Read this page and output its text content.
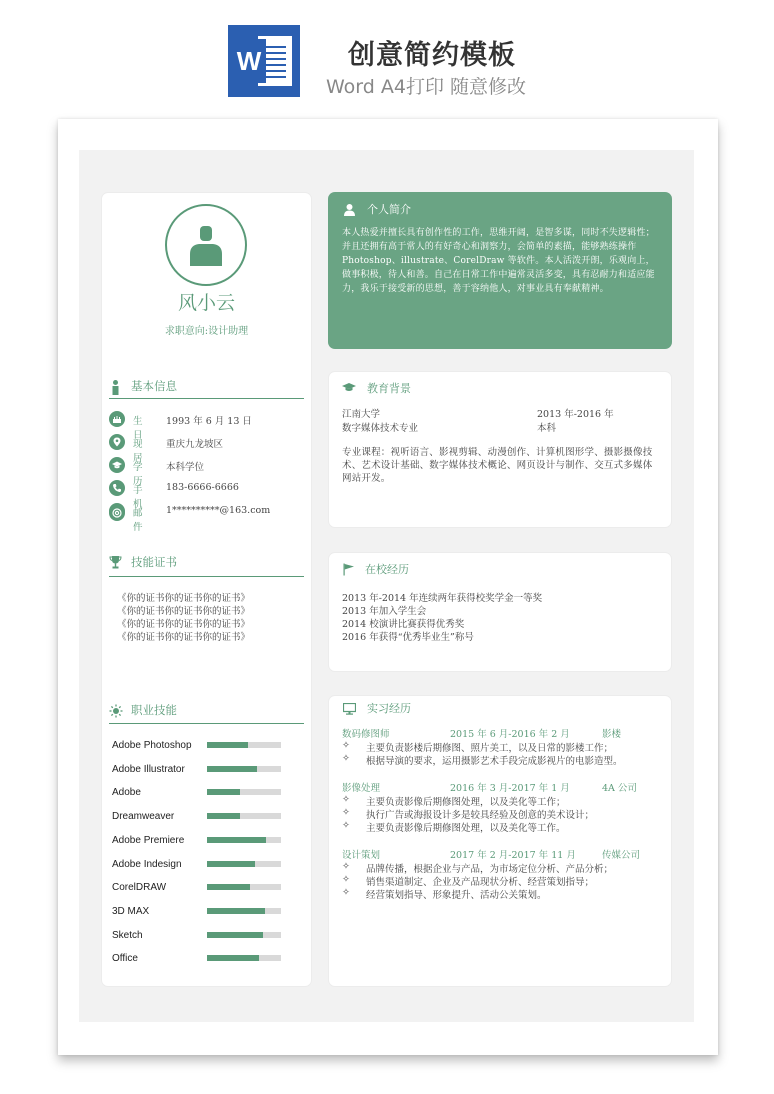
W	创意简约模板
Word A4打印 随意修改
风小云
求职意向:设计助理
基本信息
生日
1993 年 6 月 13 日
现居
重庆九龙坡区
学历
本科学位
手机
183-6666-6666
邮件
1**********@163.com
技能证书
《你的证书你的证书你的证书》
《你的证书你的证书你的证书》
《你的证书你的证书你的证书》
《你的证书你的证书你的证书》
职业技能
Adobe Photoshop
Adobe Illustrator
Adobe
Dreamweaver
Adobe Premiere
Adobe Indesign
CorelDRAW
3D MAX
Sketch
Office
个人简介
本人热爱并擅长具有创作性的工作，思维开阔，是智多谋，同时不失逻辑性；并且还拥有高于常人的有好奇心和洞察力，会简单的素描，能够熟练操作 Photoshop、illustrate、CorelDraw 等软件。本人活泼开朗，乐观向上，做事积极，待人和善。自己在日常工作中遍常灵活多变，具有忍耐力和适应能力，我乐于接受新的思想，善于容纳他人，对事业具有奉献精神。
教育背景
江南大学	2013 年-2016 年
数字媒体技术专业	本科
专业课程：视听语言、影视剪辑、动漫创作、计算机图形学、摄影摄像技术、艺术设计基础、数字媒体技术概论、网页设计与制作、交互式多媒体网站开发。
在校经历
2013 年-2014 年连续两年获得校奖学金一等奖
2013 年加入学生会
2014 校演讲比赛获得优秀奖
2016 年获得“优秀毕业生”称号
实习经历
数码修图师	2015 年 6 月-2016 年 2 月	影楼
✧ 主要负责影楼后期修图、照片美工，以及日常的影楼工作；
✧ 根据导演的要求，运用摄影艺术手段完成影视片的电影造型。
影像处理	2016 年 3 月-2017 年 1 月	4A 公司
✧ 主要负责影像后期修图处理，以及美化等工作；
✧ 执行广告或海报设计多是较具经验及创意的美术设计；
✧ 主要负责影像后期修图处理，以及美化等工作。
设计策划	2017 年 2 月-2017 年 11 月	传媒公司
✧ 品牌传播，根据企业与产品，为市场定位分析、产品分析；
✧ 销售渠道制定、企业及产品现状分析、经营策划指导；
✧ 经营策划指导、形象提升、活动公关策划。
